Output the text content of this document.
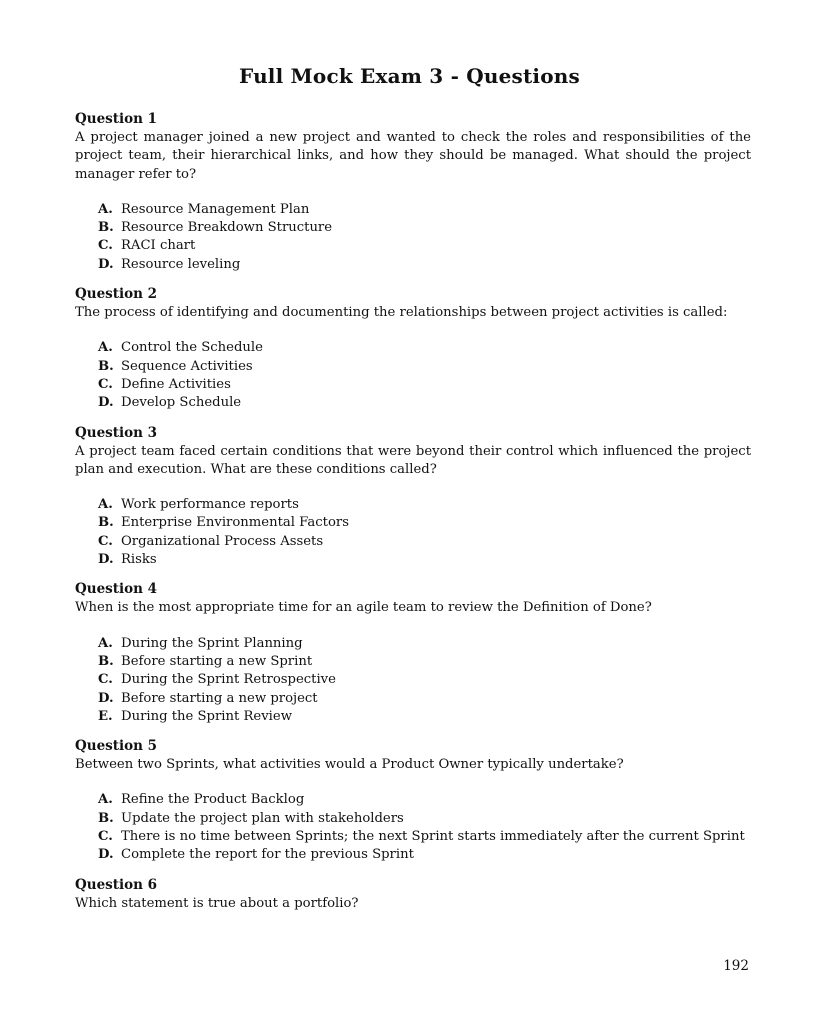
Full Mock Exam 3 - Questions
Question 1
A project manager joined a new project and wanted to check the roles and responsibilities of the project team, their hierarchical links, and how they should be managed. What should the project manager refer to?
A. Resource Management Plan
B. Resource Breakdown Structure
C. RACI chart
D. Resource leveling
Question 2
The process of identifying and documenting the relationships between project activities is called:
A. Control the Schedule
B. Sequence Activities
C. Define Activities
D. Develop Schedule
Question 3
A project team faced certain conditions that were beyond their control which influenced the project plan and execution. What are these conditions called?
A. Work performance reports
B. Enterprise Environmental Factors
C. Organizational Process Assets
D. Risks
Question 4
When is the most appropriate time for an agile team to review the Definition of Done?
A. During the Sprint Planning
B. Before starting a new Sprint
C. During the Sprint Retrospective
D. Before starting a new project
E. During the Sprint Review
Question 5
Between two Sprints, what activities would a Product Owner typically undertake?
A. Refine the Product Backlog
B. Update the project plan with stakeholders
C. There is no time between Sprints; the next Sprint starts immediately after the current Sprint
D. Complete the report for the previous Sprint
Question 6
Which statement is true about a portfolio?
192
